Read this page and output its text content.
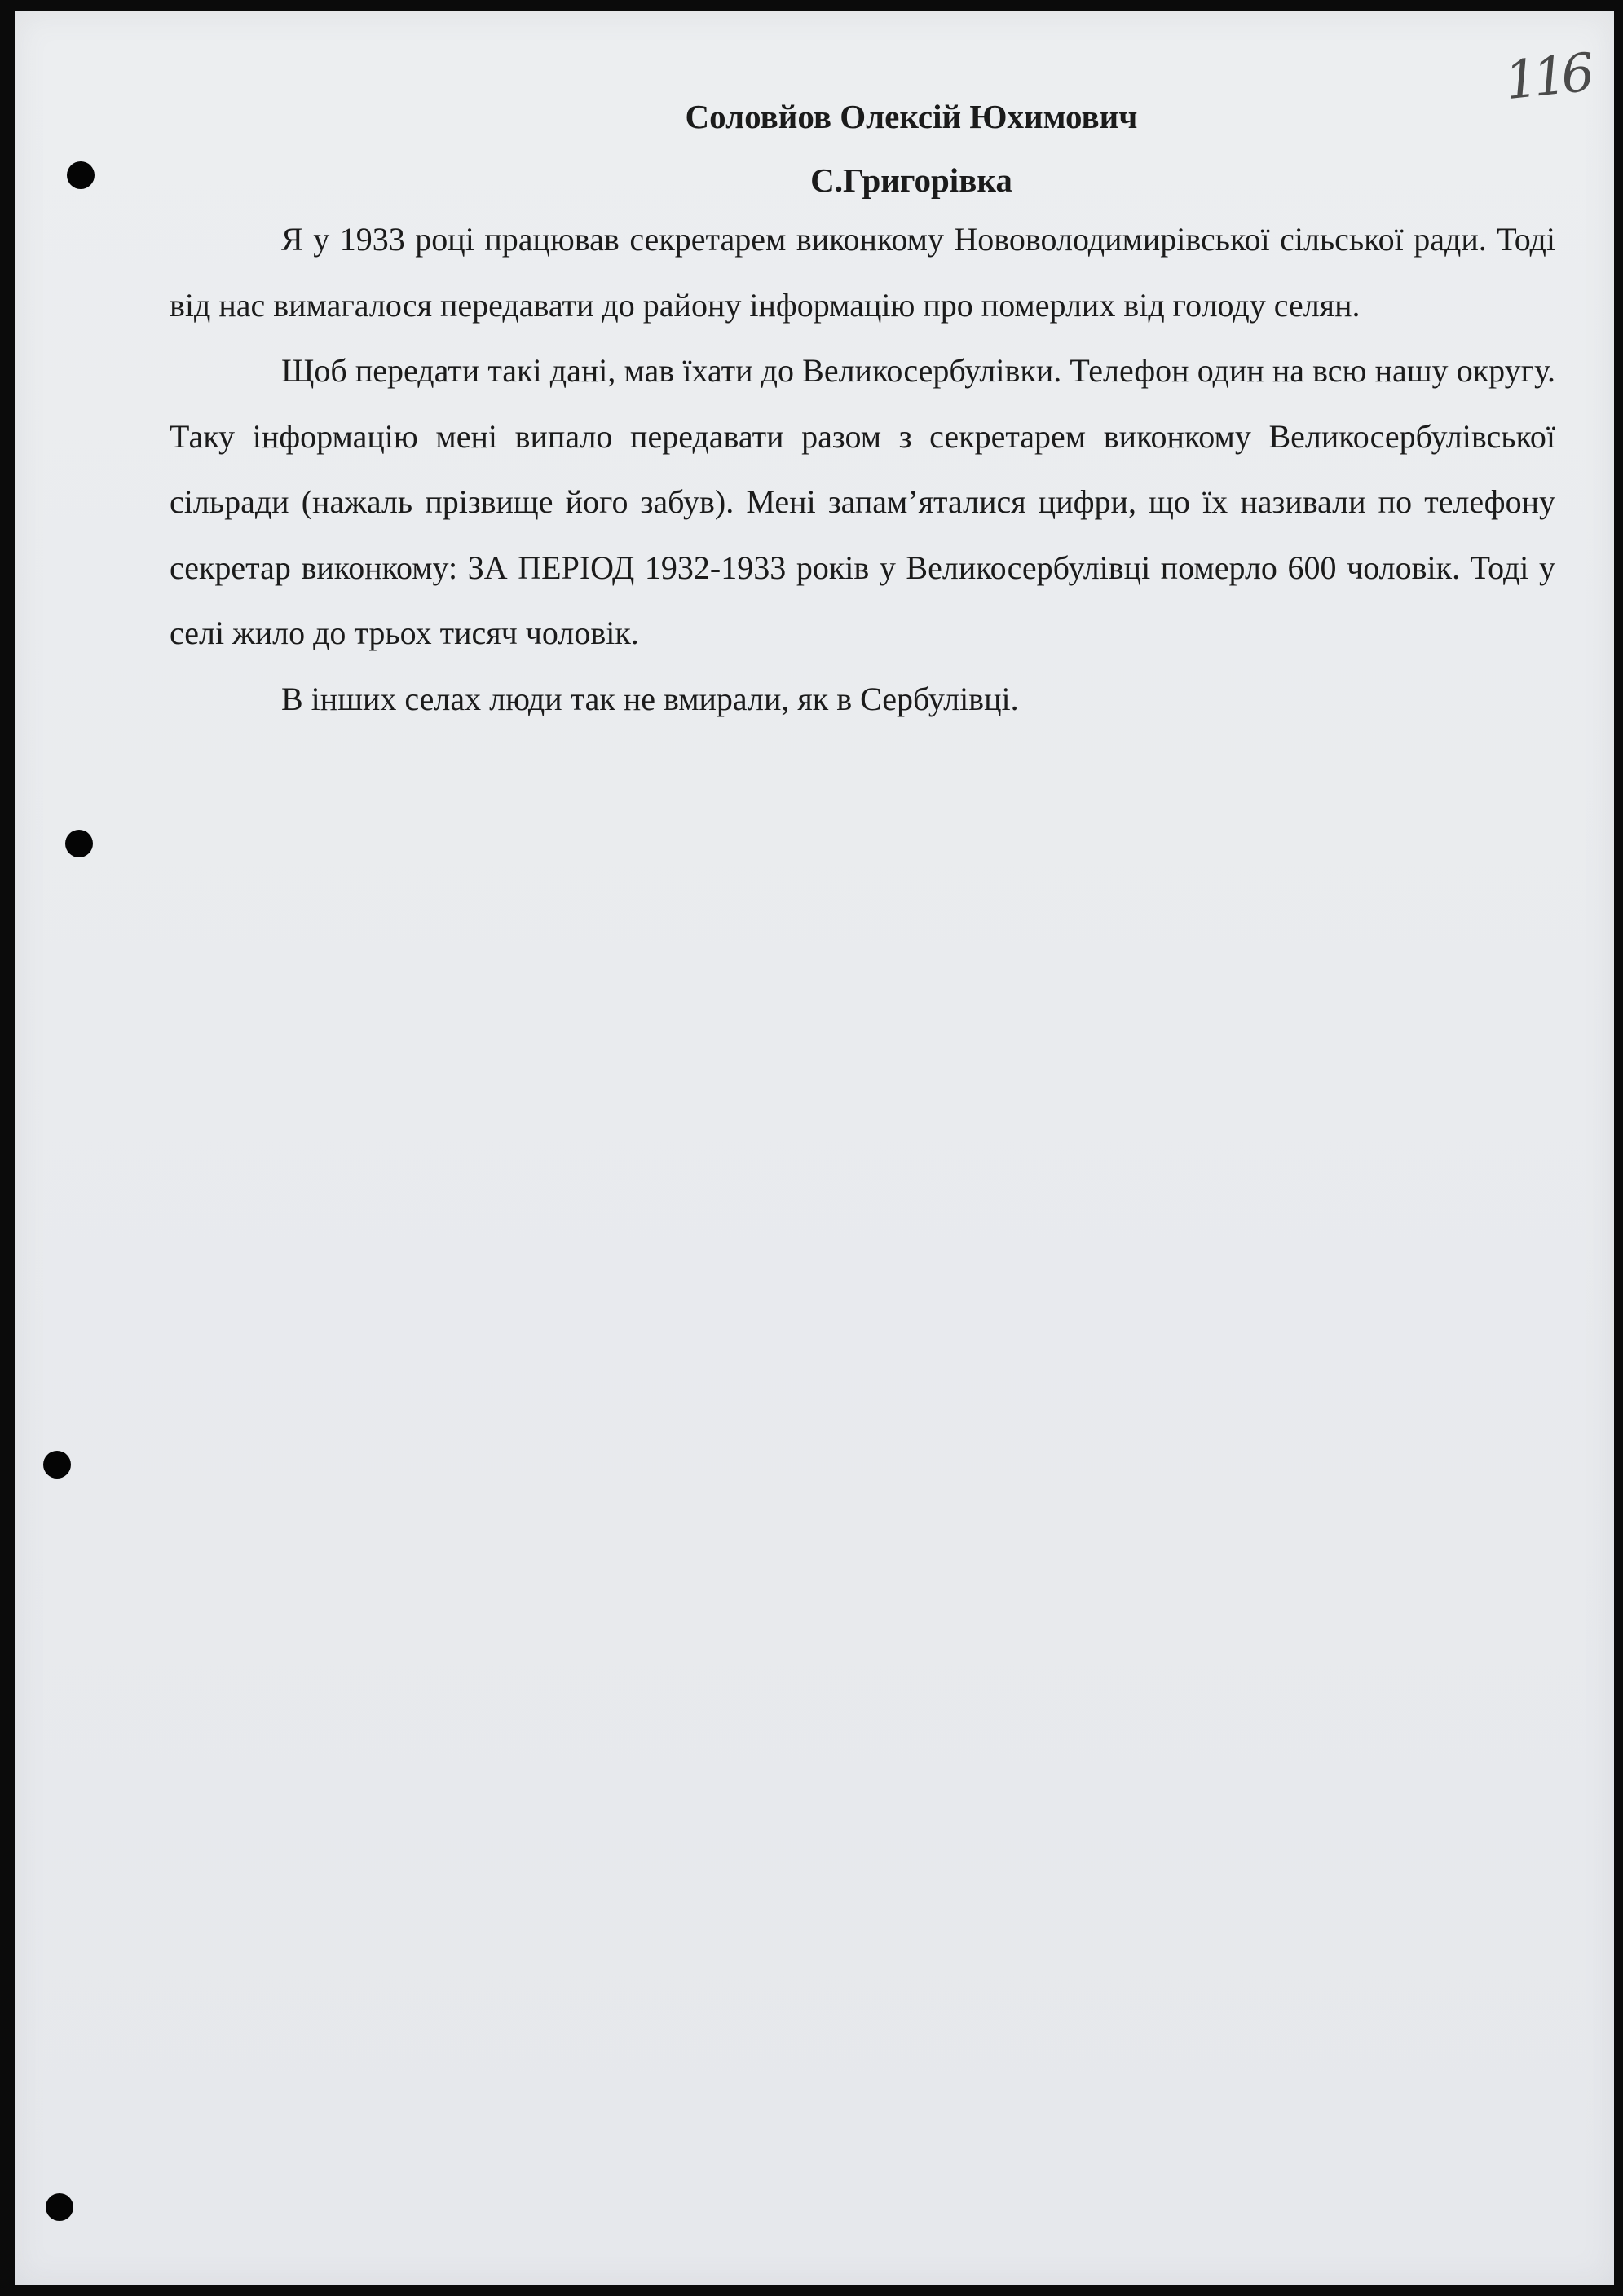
116
Соловйов Олексій Юхимович
С.Григорівка

Я у 1933 році працював секретарем виконкому Нововолодимирівської сільської ради. Тоді від нас вимагалося передавати до району інформацію про померлих від голоду селян.

Щоб передати такі дані, мав їхати до Великосербулівки. Телефон один на всю нашу округу. Таку інформацію мені випало передавати разом з секретарем виконкому Великосербулівської сільради (нажаль прізвище його забув). Мені запам’яталися цифри, що їх називали по телефону секретар виконкому: ЗА ПЕРІОД 1932-1933 років у Великосербулівці померло 600 чоловік. Тоді у селі жило до трьох тисяч чоловік.

В інших селах люди так не вмирали, як в Сербулівці.
